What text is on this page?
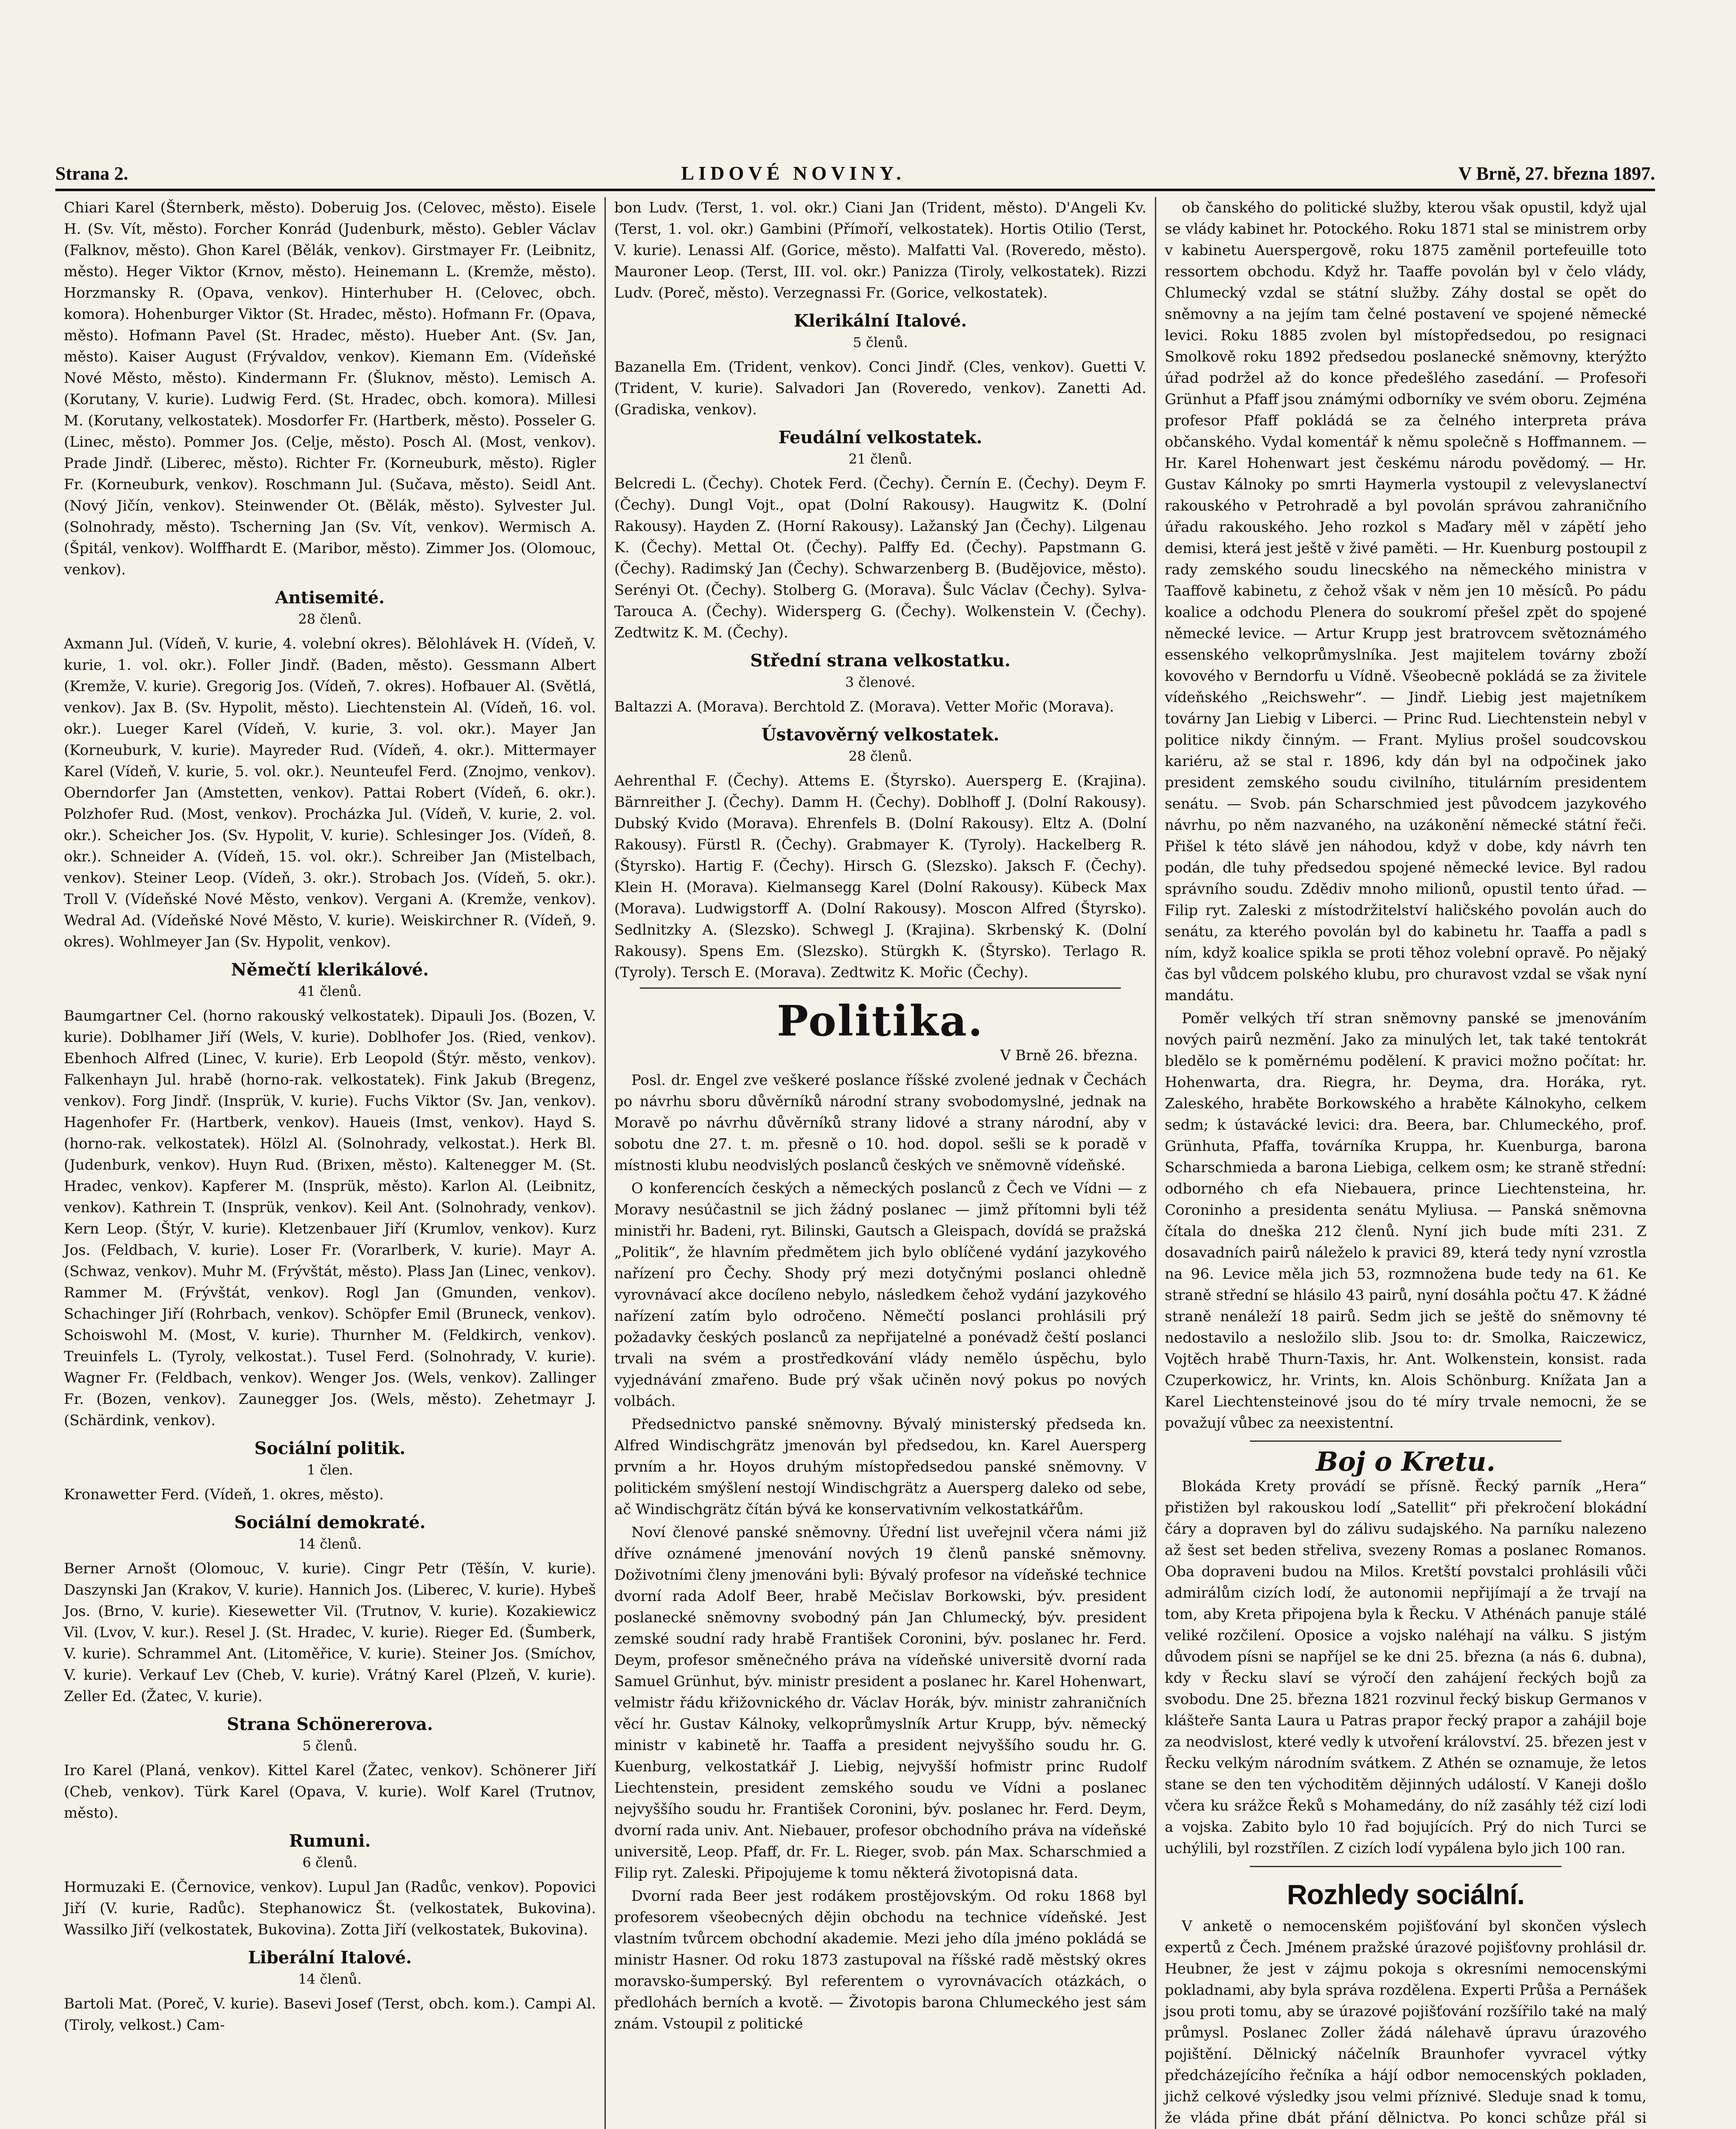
Strana 2.	LIDOVÉ NOVINY.	V Brně, 27. března 1897.

Chiari Karel (Šternberk, město). Doberuig Jos. (Celovec, město). Eisele H. (Sv. Vít, město). Forcher Konrád (Judenburk, město). Gebler Václav (Falknov, město). Ghon Karel (Bělák, venkov). Girstmayer Fr. (Leibnitz, město). Heger Viktor (Krnov, město). Heinemann L. (Kremže, město). Horzmansky R. (Opava, venkov). Hinterhuber H. (Celovec, obch. komora). Hohenburger Viktor (St. Hradec, město). Hofmann Fr. (Opava, město). Hofmann Pavel (St. Hradec, město). Hueber Ant. (Sv. Jan, město). Kaiser August (Frývaldov, venkov). Kiemann Em. (Vídeňské Nové Město, město). Kindermann Fr. (Šluknov, město). Lemisch A. (Korutany, V. kurie). Ludwig Ferd. (St. Hradec, obch. komora). Millesi M. (Korutany, velkostatek). Mosdorfer Fr. (Hartberk, město). Posseler G. (Linec, město). Pommer Jos. (Celje, město). Posch Al. (Most, venkov). Prade Jindř. (Liberec, město). Richter Fr. (Korneuburk, město). Rigler Fr. (Korneuburk, venkov). Roschmann Jul. (Sučava, město). Seidl Ant. (Nový Jičín, venkov). Steinwender Ot. (Bělák, město). Sylvester Jul. (Solnohrady, město). Tscherning Jan (Sv. Vít, venkov). Wermisch A. (Špitál, venkov). Wolffhardt E. (Maribor, město). Zimmer Jos. (Olomouc, venkov).

Antisemité.
28 členů.

Axmann Jul. (Vídeň, V. kurie, 4. volební okres). Bělohlávek H. (Vídeň, V. kurie, 1. vol. okr.). Foller Jindř. (Baden, město). Gessmann Albert (Kremže, V. kurie). Gregorig Jos. (Vídeň, 7. okres). Hofbauer Al. (Světlá, venkov). Jax B. (Sv. Hypolit, město). Liechtenstein Al. (Vídeň, 16. vol. okr.). Lueger Karel (Vídeň, V. kurie, 3. vol. okr.). Mayer Jan (Korneuburk, V. kurie). Mayreder Rud. (Vídeň, 4. okr.). Mittermayer Karel (Vídeň, V. kurie, 5. vol. okr.). Neunteufel Ferd. (Znojmo, venkov). Oberndorfer Jan (Amstetten, venkov). Pattai Robert (Vídeň, 6. okr.). Polzhofer Rud. (Most, venkov). Procházka Jul. (Vídeň, V. kurie, 2. vol. okr.). Scheicher Jos. (Sv. Hypolit, V. kurie). Schlesinger Jos. (Vídeň, 8. okr.). Schneider A. (Vídeň, 15. vol. okr.). Schreiber Jan (Mistelbach, venkov). Steiner Leop. (Vídeň, 3. okr.). Strobach Jos. (Vídeň, 5. okr.). Troll V. (Vídeňské Nové Město, venkov). Vergani A. (Kremže, venkov). Wedral Ad. (Vídeňské Nové Město, V. kurie). Weiskirchner R. (Vídeň, 9. okres). Wohlmeyer Jan (Sv. Hypolit, venkov).

Němečtí klerikálové.
41 členů.

Baumgartner Cel. (horno rakouský velkostatek). Dipauli Jos. (Bozen, V. kurie). Doblhamer Jiří (Wels, V. kurie). Doblhofer Jos. (Ried, venkov). Ebenhoch Alfred (Linec, V. kurie). Erb Leopold (Štýr. město, venkov). Falkenhayn Jul. hrabě (horno-rak. velkostatek). Fink Jakub (Bregenz, venkov). Forg Jindř. (Insprük, V. kurie). Fuchs Viktor (Sv. Jan, venkov). Hagenhofer Fr. (Hartberk, venkov). Haueis (Imst, venkov). Hayd S. (horno-rak. velkostatek). Hölzl Al. (Solnohrady, velkostat.). Herk Bl. (Judenburk, venkov). Huyn Rud. (Brixen, město). Kaltenegger M. (St. Hradec, venkov). Kapferer M. (Insprük, město). Karlon Al. (Leibnitz, venkov). Kathrein T. (Insprük, venkov). Keil Ant. (Solnohrady, venkov). Kern Leop. (Štýr, V. kurie). Kletzenbauer Jiří (Krumlov, venkov). Kurz Jos. (Feldbach, V. kurie). Loser Fr. (Vorarlberk, V. kurie). Mayr A. (Schwaz, venkov). Muhr M. (Frývštát, město). Plass Jan (Linec, venkov). Rammer M. (Frývštát, venkov). Rogl Jan (Gmunden, venkov). Schachinger Jiří (Rohrbach, venkov). Schöpfer Emil (Bruneck, venkov). Schoiswohl M. (Most, V. kurie). Thurnher M. (Feldkirch, venkov). Treuinfels L. (Tyroly, velkostat.). Tusel Ferd. (Solnohrady, V. kurie). Wagner Fr. (Feldbach, venkov). Wenger Jos. (Wels, venkov). Zallinger Fr. (Bozen, venkov). Zaunegger Jos. (Wels, město). Zehetmayr J. (Schärdink, venkov).

Sociální politik.
1 člen.

Kronawetter Ferd. (Vídeň, 1. okres, město).

Sociální demokraté.
14 členů.

Berner Arnošt (Olomouc, V. kurie). Cingr Petr (Těšín, V. kurie). Daszynski Jan (Krakov, V. kurie). Hannich Jos. (Liberec, V. kurie). Hybeš Jos. (Brno, V. kurie). Kiesewetter Vil. (Trutnov, V. kurie). Kozakiewicz Vil. (Lvov, V. kur.). Resel J. (St. Hradec, V. kurie). Rieger Ed. (Šumberk, V. kurie). Schrammel Ant. (Litoměřice, V. kurie). Steiner Jos. (Smíchov, V. kurie). Verkauf Lev (Cheb, V. kurie). Vrátný Karel (Plzeň, V. kurie). Zeller Ed. (Žatec, V. kurie).

Strana Schönererova.
5 členů.

Iro Karel (Planá, venkov). Kittel Karel (Žatec, venkov). Schönerer Jiří (Cheb, venkov). Türk Karel (Opava, V. kurie). Wolf Karel (Trutnov, město).

Rumuni.
6 členů.

Hormuzaki E. (Černovice, venkov). Lupul Jan (Radůc, venkov). Popovici Jiří (V. kurie, Radůc). Stephanowicz Št. (velkostatek, Bukovina). Wassilko Jiří (velkostatek, Bukovina). Zotta Jiří (velkostatek, Bukovina).

Liberální Italové.
14 členů.

Bartoli Mat. (Poreč, V. kurie). Basevi Josef (Terst, obch. kom.). Campi Al. (Tiroly, velkost.) Cam-

bon Ludv. (Terst, 1. vol. okr.) Ciani Jan (Trident, město). D'Angeli Kv. (Terst, 1. vol. okr.) Gambini (Přímoří, velkostatek). Hortis Otilio (Terst, V. kurie). Lenassi Alf. (Gorice, město). Malfatti Val. (Roveredo, město). Mauroner Leop. (Terst, III. vol. okr.) Panizza (Tiroly, velkostatek). Rizzi Ludv. (Poreč, město). Verzegnassi Fr. (Gorice, velkostatek).

Klerikální Italové.
5 členů.

Bazanella Em. (Trident, venkov). Conci Jindř. (Cles, venkov). Guetti V. (Trident, V. kurie). Salvadori Jan (Roveredo, venkov). Zanetti Ad. (Gradiska, venkov).

Feudální velkostatek.
21 členů.

Belcredi L. (Čechy). Chotek Ferd. (Čechy). Černín E. (Čechy). Deym F. (Čechy). Dungl Vojt., opat (Dolní Rakousy). Haugwitz K. (Dolní Rakousy). Hayden Z. (Horní Rakousy). Lažanský Jan (Čechy). Lilgenau K. (Čechy). Mettal Ot. (Čechy). Palffy Ed. (Čechy). Papstmann G. (Čechy). Radimský Jan (Čechy). Schwarzenberg B. (Budějovice, město). Serényi Ot. (Čechy). Stolberg G. (Morava). Šulc Václav (Čechy). Sylva-Tarouca A. (Čechy). Widersperg G. (Čechy). Wolkenstein V. (Čechy). Zedtwitz K. M. (Čechy).

Střední strana velkostatku.
3 členové.

Baltazzi A. (Morava). Berchtold Z. (Morava). Vetter Mořic (Morava).

Ústavověrný velkostatek.
28 členů.

Aehrenthal F. (Čechy). Attems E. (Štyrsko). Auersperg E. (Krajina). Bärnreither J. (Čechy). Damm H. (Čechy). Doblhoff J. (Dolní Rakousy). Dubský Kvido (Morava). Ehrenfels B. (Dolní Rakousy). Eltz A. (Dolní Rakousy). Fürstl R. (Čechy). Grabmayer K. (Tyroly). Hackelberg R. (Štyrsko). Hartig F. (Čechy). Hirsch G. (Slezsko). Jaksch F. (Čechy). Klein H. (Morava). Kielmansegg Karel (Dolní Rakousy). Kübeck Max (Morava). Ludwigstorff A. (Dolní Rakousy). Moscon Alfred (Štyrsko). Sedlnitzky A. (Slezsko). Schwegl J. (Krajina). Skrbenský K. (Dolní Rakousy). Spens Em. (Slezsko). Stürgkh K. (Štyrsko). Terlago R. (Tyroly). Tersch E. (Morava). Zedtwitz K. Mořic (Čechy).

Politika.
V Brně 26. března.

Posl. dr. Engel zve veškeré poslance říšské zvolené jednak v Čechách po návrhu sboru důvěrníků národní strany svobodomyslné, jednak na Moravě po návrhu důvěrníků strany lidové a strany národní, aby v sobotu dne 27. t. m. přesně o 10. hod. dopol. sešli se k poradě v místnosti klubu neodvislých poslanců českých ve sněmovně vídeňské.

O konferencích českých a německých poslanců z Čech ve Vídni — z Moravy nesúčastnil se jich žádný poslanec — jimž přítomni byli též ministři hr. Badeni, ryt. Bilinski, Gautsch a Gleispach, dovídá se pražská „Politik“, že hlavním předmětem jich bylo oblíčené vydání jazykového nařízení pro Čechy. Shody prý mezi dotyčnými poslanci ohledně vyrovnávací akce docíleno nebylo, následkem čehož vydání jazykového nařízení zatím bylo odročeno. Němečtí poslanci prohlásili prý požadavky českých poslanců za nepřijatelné a ponévadž čeští poslanci trvali na svém a prostředkování vlády nemělo úspěchu, bylo vyjednávání zmařeno. Bude prý však učiněn nový pokus po nových volbách.

Předsednictvo panské sněmovny. Bývalý ministerský předseda kn. Alfred Windischgrätz jmenován byl předsedou, kn. Karel Auersperg prvním a hr. Hoyos druhým místopředsedou panské sněmovny. V politickém smýšlení nestojí Windischgrätz a Auersperg daleko od sebe, ač Windischgrätz čítán bývá ke konservativním velkostatkářům.

Noví členové panské sněmovny. Úřední list uveřejnil včera námi již dříve oznámené jmenování nových 19 členů panské sněmovny. Doživotními členy jmenováni byli: Bývalý profesor na vídeňské technice dvorní rada Adolf Beer, hrabě Mečislav Borkowski, býv. president poslanecké sněmovny svobodný pán Jan Chlumecký, býv. president zemské soudní rady hrabě František Coronini, býv. poslanec hr. Ferd. Deym, profesor směnečného práva na vídeňské universitě dvorní rada Samuel Grünhut, býv. ministr president a poslanec hr. Karel Hohenwart, velmistr řádu křižovnického dr. Václav Horák, býv. ministr zahraničních věcí hr. Gustav Kálnoky, velkoprůmyslník Artur Krupp, býv. německý ministr v kabinetě hr. Taaffa a president nejvyššího soudu hr. G. Kuenburg, velkostatkář J. Liebig, nejvyšší hofmistr princ Rudolf Liechtenstein, president zemského soudu ve Vídni a poslanec nejvyššího soudu hr. František Coronini, býv. poslanec hr. Ferd. Deym, dvorní rada univ. Ant. Niebauer, profesor obchodního práva na vídeňské universitě, Leop. Pfaff, dr. Fr. L. Rieger, svob. pán Max. Scharschmied a Filip ryt. Zaleski. Připojujeme k tomu některá životopisná data.

Dvorní rada Beer jest rodákem prostějovským. Od roku 1868 byl profesorem všeobecných dějin obchodu na technice vídeňské. Jest vlastním tvůrcem obchodní akademie. Mezi jeho díla jméno pokládá se ministr Hasner. Od roku 1873 zastupoval na říšské radě městský okres moravsko-šumperský. Byl referentem o vyrovnávacích otázkách, o předlohách berních a kvotě. — Životopis barona Chlumeckého jest sám znám. Vstoupil z politické

ob čanského do politické služby, kterou však opustil, když ujal se vlády kabinet hr. Potockého. Roku 1871 stal se ministrem orby v kabinetu Auerspergově, roku 1875 zaměnil portefeuille toto ressortem obchodu. Když hr. Taaffe povolán byl v čelo vlády, Chlumecký vzdal se státní služby. Záhy dostal se opět do sněmovny a na jejím tam čelné postavení ve spojené německé levici. Roku 1885 zvolen byl místopředsedou, po resignaci Smolkově roku 1892 předsedou poslanecké sněmovny, kterýžto úřad podržel až do konce předešlého zasedání. — Profesoři Grünhut a Pfaff jsou známými odborníky ve svém oboru. Zejména profesor Pfaff pokládá se za čelného interpreta práva občanského. Vydal komentář k němu společně s Hoffmannem. — Hr. Karel Hohenwart jest českému národu povědomý. — Hr. Gustav Kálnoky po smrti Haymerla vystoupil z velevyslanectví rakouského v Petrohradě a byl povolán správou zahraničního úřadu rakouského. Jeho rozkol s Maďary měl v zápětí jeho demisi, která jest ještě v živé paměti. — Hr. Kuenburg postoupil z rady zemského soudu linecského na německého ministra v Taaffově kabinetu, z čehož však v něm jen 10 měsíců. Po pádu koalice a odchodu Plenera do soukromí přešel zpět do spojené německé levice. — Artur Krupp jest bratrovcem světoznámého essenského velkoprůmyslníka. Jest majitelem továrny zboží kovového v Berndorfu u Vídně. Všeobecně pokládá se za živitele vídeňského „Reichswehr“. — Jindř. Liebig jest majetníkem továrny Jan Liebig v Liberci. — Princ Rud. Liechtenstein nebyl v politice nikdy činným. — Frant. Mylius prošel soudcovskou kariéru, až se stal r. 1896, kdy dán byl na odpočinek jako president zemského soudu civilního, titulárním presidentem senátu. — Svob. pán Scharschmied jest původcem jazykového návrhu, po něm nazvaného, na uzákonění německé státní řeči. Přišel k této slávě jen náhodou, když v dobe, kdy návrh ten podán, dle tuhy předsedou spojené německé levice. Byl radou správního soudu. Zdědiv mnoho milionů, opustil tento úřad. — Filip ryt. Zaleski z místodržitelství haličského povolán auch do senátu, za kterého povolán byl do kabinetu hr. Taaffa a padl s ním, když koalice spikla se proti těhoz volební opravě. Po nějaký čas byl vůdcem polského klubu, pro churavost vzdal se však nyní mandátu.

Poměr velkých tří stran sněmovny panské se jmenováním nových pairů nezmění. Jako za minulých let, tak také tentokrát bledělo se k poměrnému podělení. K pravici možno počítat: hr. Hohenwarta, dra. Riegra, hr. Deyma, dra. Horáka, ryt. Zaleského, hraběte Borkowského a hraběte Kálnokyho, celkem sedm; k ústavácké levici: dra. Beera, bar. Chlumeckého, prof. Grünhuta, Pfaffa, továrníka Kruppa, hr. Kuenburga, barona Scharschmieda a barona Liebiga, celkem osm; ke straně střední: odborného ch efa Niebauera, prince Liechtensteina, hr. Coroninho a presidenta senátu Myliusa. — Panská sněmovna čítala do dneška 212 členů. Nyní jich bude míti 231. Z dosavadních pairů náleželo k pravici 89, která tedy nyní vzrostla na 96. Levice měla jich 53, rozmnožena bude tedy na 61. Ke straně střední se hlásilo 43 pairů, nyní dosáhla počtu 47. K žádné straně nenáleží 18 pairů. Sedm jich se ještě do sněmovny té nedostavilo a nesložilo slib. Jsou to: dr. Smolka, Raiczewicz, Vojtěch hrabě Thurn-Taxis, hr. Ant. Wolkenstein, konsist. rada Czuperkowicz, hr. Vrints, kn. Alois Schönburg. Knížata Jan a Karel Liechtensteinové jsou do té míry trvale nemocni, že se považují vůbec za neexistentní.

Boj o Kretu.

Blokáda Krety provádí se přísně. Řecký parník „Hera“ přistižen byl rakouskou lodí „Satellit“ při překročení blokádní čáry a dopraven byl do zálivu sudajského. Na parníku nalezeno až šest set beden střeliva, svezeny Romas a poslanec Romanos. Oba dopraveni budou na Milos. Kretští povstalci prohlásili vůči admirálům cizích lodí, že autonomii nepřijímají a že trvají na tom, aby Kreta připojena byla k Řecku. V Athénách panuje stálé veliké rozčilení. Oposice a vojsko naléhají na válku. S jistým důvodem písni se napříjel se ke dni 25. března (a nás 6. dubna), kdy v Řecku slaví se výročí den zahájení řeckých bojů za svobodu. Dne 25. března 1821 rozvinul řecký biskup Germanos v klášteře Santa Laura u Patras prapor řecký prapor a zahájil boje za neodvislost, které vedly k utvoření království. 25. březen jest v Řecku velkým národním svátkem. Z Athén se oznamuje, že letos stane se den ten východitěm dějinných událostí. V Kaneji došlo včera ku srážce Řeků s Mohamedány, do níž zasáhly též cizí lodi a vojska. Zabito bylo 10 řad bojujících. Prý do nich Turci se uchýlili, byl rozstřílen. Z cizích lodí vypálena bylo jich 100 ran.

Rozhledy sociální.

V anketě o nemocenském pojišťování byl skončen výslech expertů z Čech. Jménem pražské úrazové pojišťovny prohlásil dr. Heubner, že jest v zájmu pokoja s okresními nemocenskými pokladnami, aby byla správa rozdělena. Experti Průša a Pernášek jsou proti tomu, aby se úrazové pojišťování rozšířilo také na malý průmysl. Poslanec Zoller žádá nálehavě úpravu úrazového pojištění. Dělnický náčelník Braunhofer vyvracel výtky předcházejícího řečníka a hájí odbor nemocenských pokladen, jichž celkové výsledky jsou velmi příznivé. Sleduje snad k tomu, že vláda přine dbát přání dělnictva. Po konci schůze přál si
